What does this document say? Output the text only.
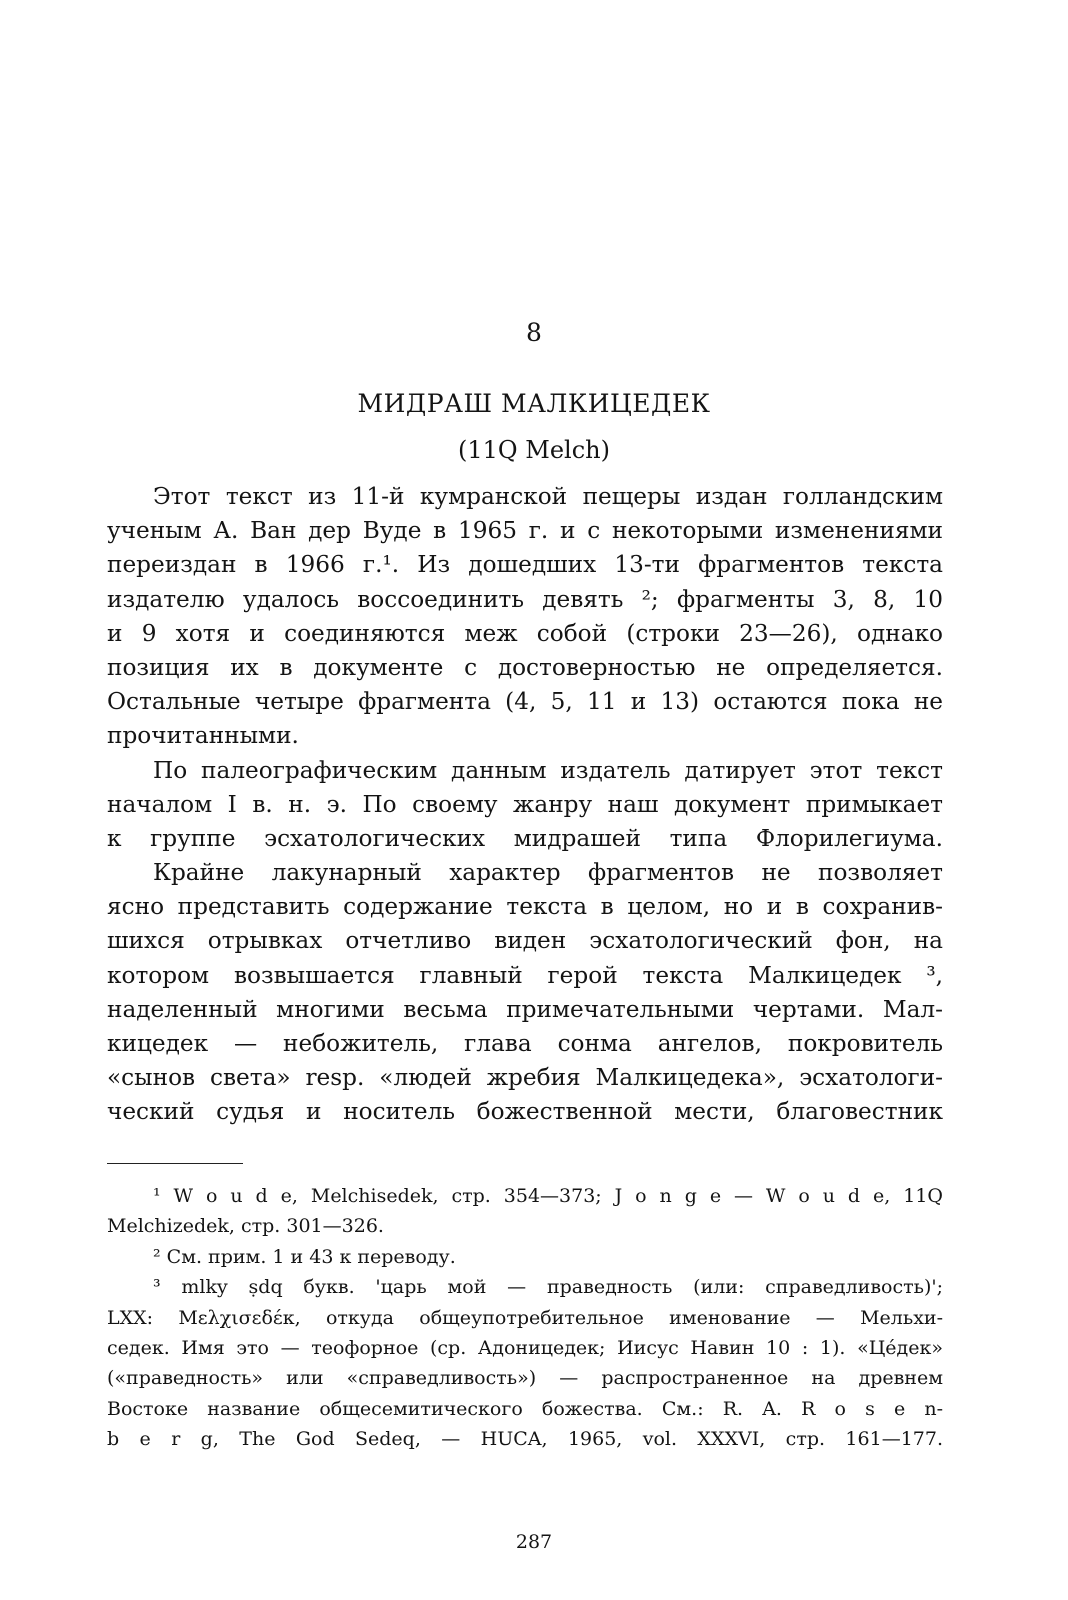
8
МИДРАШ МАЛКИЦЕДЕК
(11Q Melch)
Этот текст из 11-й кумранской пещеры издан голландским
ученым А. Ван дер Вуде в 1965 г. и с некоторыми изменениями
переиздан в 1966 г.¹. Из дошедших 13-ти фрагментов текста
издателю удалось воссоединить девять ²; фрагменты 3, 8, 10
и 9 хотя и соединяются меж собой (строки 23—26), однако
позиция их в документе с достоверностью не определяется.
Остальные четыре фрагмента (4, 5, 11 и 13) остаются пока не
прочитанными.
По палеографическим данным издатель датирует этот текст
началом I в. н. э. По своему жанру наш документ примыкает
к группе эсхатологических мидрашей типа Флорилегиума.
Крайне лакунарный характер фрагментов не позволяет
ясно представить содержание текста в целом, но и в сохранив-
шихся отрывках отчетливо виден эсхатологический фон, на
котором возвышается главный герой текста Малкицедек ³,
наделенный многими весьма примечательными чертами. Мал-
кицедек — небожитель, глава сонма ангелов, покровитель
«сынов света» resp. «людей жребия Малкицедека», эсхатологи-
ческий судья и носитель божественной мести, благовестник
¹ W o u d e, Melchisedek, стр. 354—373; J o n g e — W o u d e, 11Q
Melchizedek, стр. 301—326.
² См. прим. 1 и 43 к переводу.
³ mlky ṣdq букв. 'царь мой — праведность (или: справедливость)';
LXX: Μελχισεδέκ, откуда общеупотребительное именование — Мельхи-
седек. Имя это — теофорное (ср. Адоницедек; Иисус Навин 10 : 1). «Цéдек»
(«праведность» или «справедливость») — распространенное на древнем
Востоке название общесемитического божества. См.: R. A. R o s e n-
b e r g, The God Sedeq, — HUCA, 1965, vol. XXXVI, стр. 161—177.
287
